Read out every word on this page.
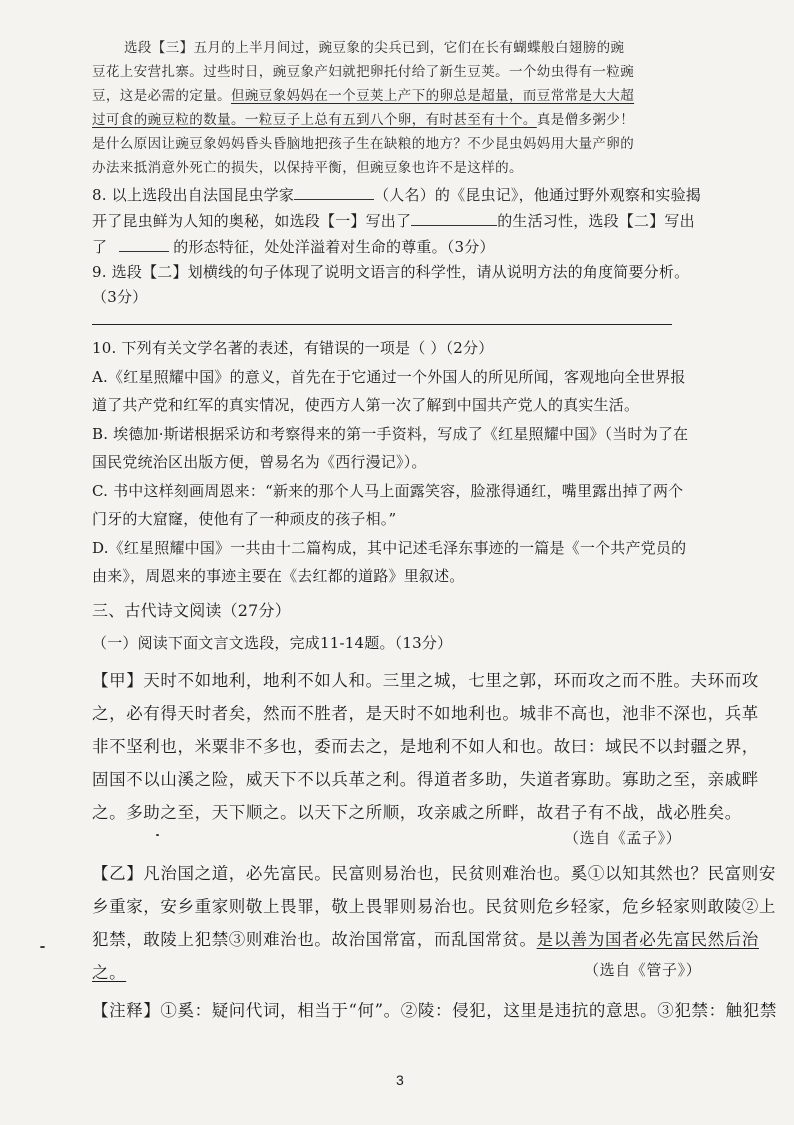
选段【三】五月的上半月间过，豌豆象的尖兵已到，它们在长有蝴蝶般白翅膀的豌
豆花上安营扎寨。过些时日，豌豆象产妇就把卵托付给了新生豆荚。一个幼虫得有一粒豌
豆，这是必需的定量。但豌豆象妈妈在一个豆荚上产下的卵总是超量，而豆常常是大大超
过可食的豌豆粒的数量。一粒豆子上总有五到八个卵，有时甚至有十个。真是僧多粥少！
是什么原因让豌豆象妈妈昏头昏脑地把孩子生在缺粮的地方？不少昆虫妈妈用大量产卵的
办法来抵消意外死亡的损失，以保持平衡，但豌豆象也许不是这样的。
8. 以上选段出自法国昆虫学家	（人名）的《昆虫记》，他通过野外观察和实验揭
开了昆虫鲜为人知的奥秘，如选段【一】写出了	的生活习性，选段【二】写出
了	的形态特征，处处洋溢着对生命的尊重。（3分）
9. 选段【二】划横线的句子体现了说明文语言的科学性，请从说明方法的角度简要分析。
（3分）
10. 下列有关文学名著的表述，有错误的一项是（ ）（2分）
A.《红星照耀中国》的意义，首先在于它通过一个外国人的所见所闻，客观地向全世界报
道了共产党和红军的真实情况，使西方人第一次了解到中国共产党人的真实生活。
B. 埃德加·斯诺根据采访和考察得来的第一手资料，写成了《红星照耀中国》（当时为了在
国民党统治区出版方便，曾易名为《西行漫记》）。
C. 书中这样刻画周恩来：“新来的那个人马上面露笑容，脸涨得通红，嘴里露出掉了两个
门牙的大窟窿，使他有了一种顽皮的孩子相。”
D.《红星照耀中国》一共由十二篇构成，其中记述毛泽东事迹的一篇是《一个共产党员的
由来》，周恩来的事迹主要在《去红都的道路》里叙述。
三、古代诗文阅读（27分）
（一）阅读下面文言文选段，完成11-14题。（13分）
【甲】天时不如地利，地利不如人和。三里之城，七里之郭，环而攻之而不胜。夫环而攻
之，必有得天时者矣，然而不胜者，是天时不如地利也。城非不高也，池非不深也，兵革
非不坚利也，米粟非不多也，委而去之，是地利不如人和也。故曰：域民不以封疆之界，
固国不以山溪之险，威天下不以兵革之利。得道者多助，失道者寡助。寡助之至，亲戚畔
之。多助之至，天下顺之。以天下之所顺，攻亲戚之所畔，故君子有不战，战必胜矣。
（选自《孟子》）
【乙】凡治国之道，必先富民。民富则易治也，民贫则难治也。奚①以知其然也？民富则安
乡重家，安乡重家则敬上畏罪，敬上畏罪则易治也。民贫则危乡轻家，危乡轻家则敢陵②上
犯禁，敢陵上犯禁③则难治也。故治国常富，而乱国常贫。是以善为国者必先富民然后治
之。	（选自《管子》）
【注释】①奚：疑问代词，相当于“何”。②陵：侵犯，这里是违抗的意思。③犯禁：触犯禁
3
